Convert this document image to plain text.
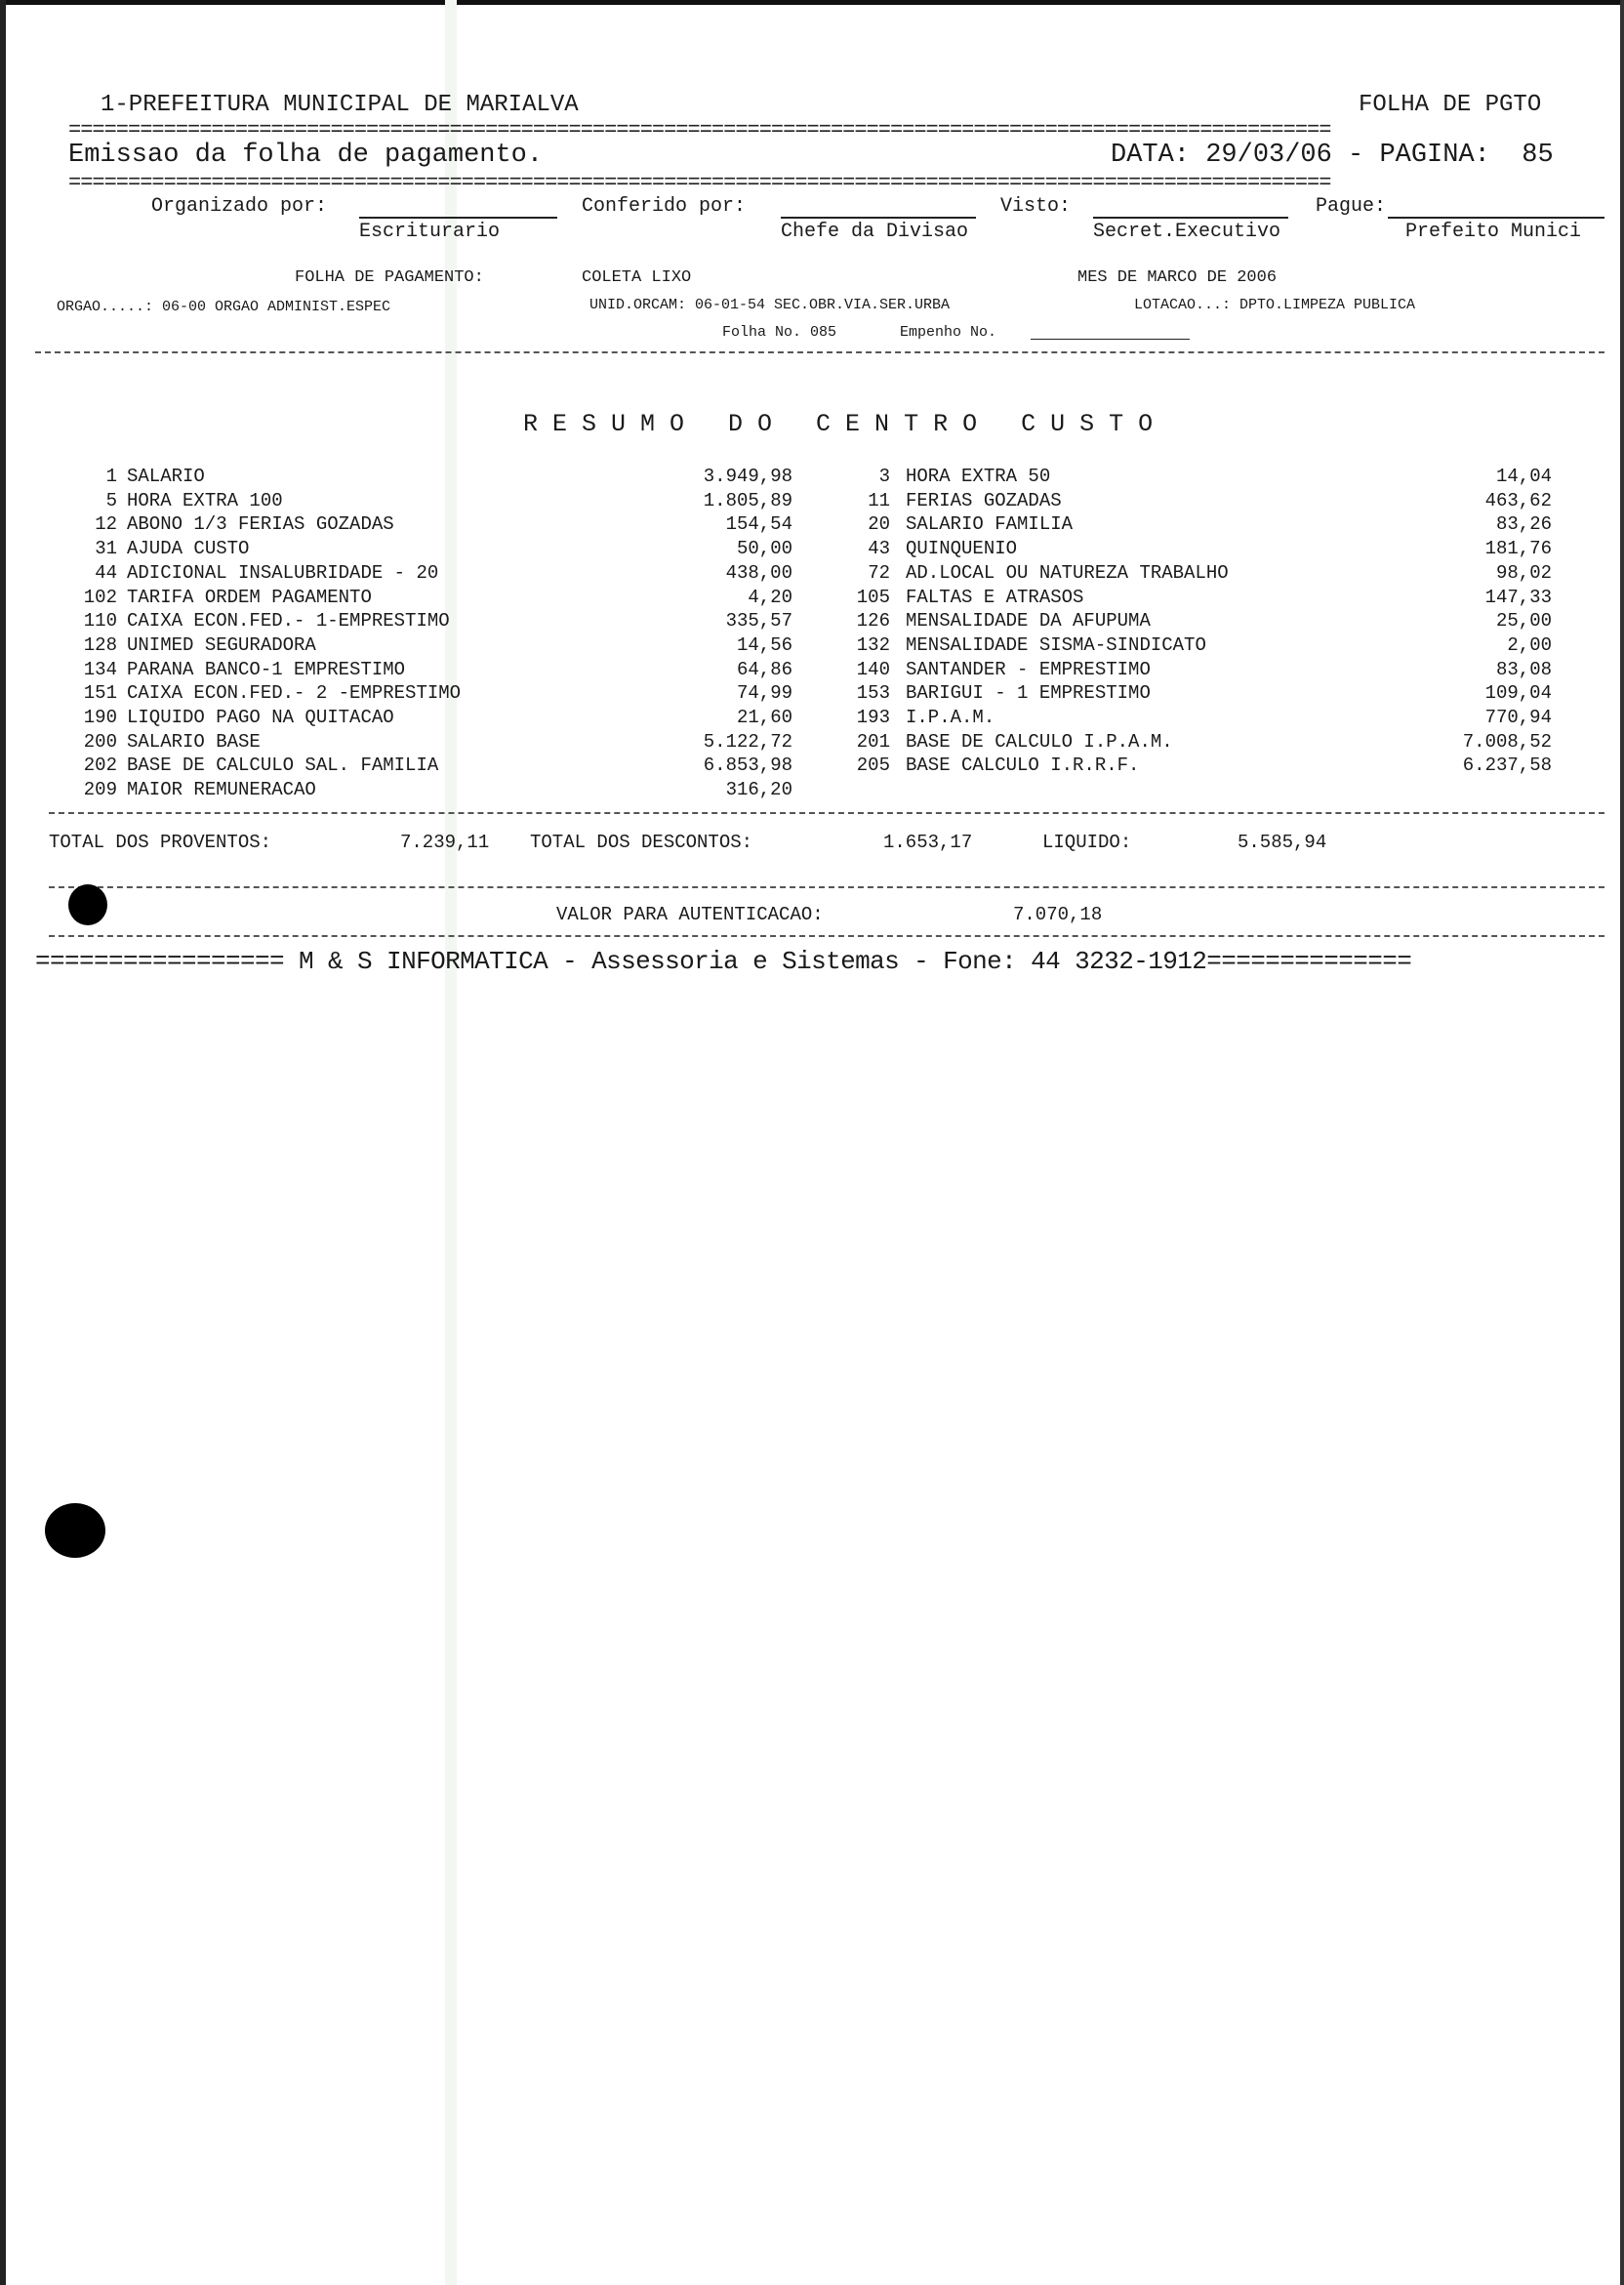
1-PREFEITURA MUNICIPAL DE MARIALVA	FOLHA DE PGTO
==========================================================================================================
Emissao da folha de pagamento.	DATA: 29/03/06 - PAGINA:  85
==========================================================================================================
Organizado por:
Escriturario
Conferido por:
Chefe da Divisao
Visto:
Secret.Executivo
Pague:
Prefeito Munici
FOLHA DE PAGAMENTO:	COLETA LIXO	MES DE MARCO DE 2006
ORGAO.....: 06-00 ORGAO ADMINIST.ESPEC	UNID.ORCAM: 06-01-54 SEC.OBR.VIA.SER.URBA	LOTACAO...: DPTO.LIMPEZA PUBLICA
Folha No. 085	Empenho No.
R E S U M O   D O   C E N T R O   C U S T O
1 SALARIO	3.949,98
5 HORA EXTRA 100	1.805,89
12 ABONO 1/3 FERIAS GOZADAS	154,54
31 AJUDA CUSTO	50,00
44 ADICIONAL INSALUBRIDADE - 20	438,00
102 TARIFA ORDEM PAGAMENTO	4,20
110 CAIXA ECON.FED.- 1-EMPRESTIMO	335,57
128 UNIMED SEGURADORA	14,56
134 PARANA BANCO-1 EMPRESTIMO	64,86
151 CAIXA ECON.FED.- 2 -EMPRESTIMO	74,99
190 LIQUIDO PAGO NA QUITACAO	21,60
200 SALARIO BASE	5.122,72
202 BASE DE CALCULO SAL. FAMILIA	6.853,98
209 MAIOR REMUNERACAO	316,20
3 HORA EXTRA 50	14,04
11 FERIAS GOZADAS	463,62
20 SALARIO FAMILIA	83,26
43 QUINQUENIO	181,76
72 AD.LOCAL OU NATUREZA TRABALHO	98,02
105 FALTAS E ATRASOS	147,33
126 MENSALIDADE DA AFUPUMA	25,00
132 MENSALIDADE SISMA-SINDICATO	2,00
140 SANTANDER - EMPRESTIMO	83,08
153 BARIGUI - 1 EMPRESTIMO	109,04
193 I.P.A.M.	770,94
201 BASE DE CALCULO I.P.A.M.	7.008,52
205 BASE CALCULO I.R.R.F.	6.237,58
TOTAL DOS PROVENTOS:	7.239,11 TOTAL DOS DESCONTOS:	1.653,17	LIQUIDO:	5.585,94
VALOR PARA AUTENTICACAO:	7.070,18
================= M & S INFORMATICA - Assessoria e Sistemas - Fone: 44 3232-1912==============
